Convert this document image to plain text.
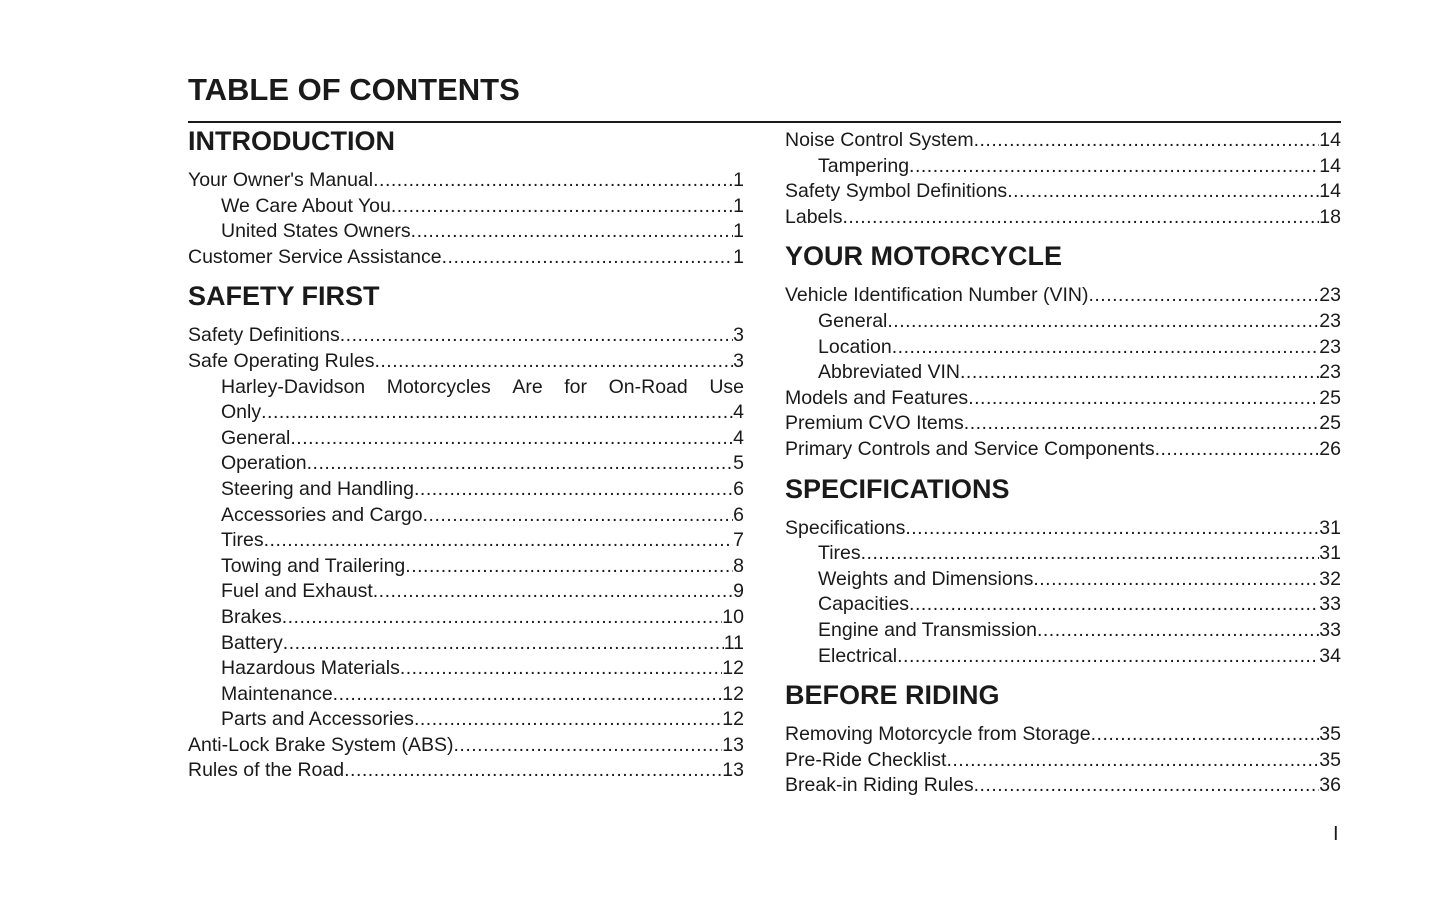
TABLE OF CONTENTS
INTRODUCTION
Your Owner's Manual .....	1
We Care About You .....	1
United States Owners .....	1
Customer Service Assistance .....	1
SAFETY FIRST
Safety Definitions .....	3
Safe Operating Rules .....	3
Harley-Davidson Motorcycles Are for On-Road Use
Only .....	4
General .....	4
Operation .....	5
Steering and Handling .....	6
Accessories and Cargo .....	6
Tires .....	7
Towing and Trailering .....	8
Fuel and Exhaust .....	9
Brakes .....	10
Battery .....	11
Hazardous Materials .....	12
Maintenance .....	12
Parts and Accessories .....	12
Anti-Lock Brake System (ABS) .....	13
Rules of the Road .....	13
Noise Control System .....	14
Tampering .....	14
Safety Symbol Definitions .....	14
Labels .....	18
YOUR MOTORCYCLE
Vehicle Identification Number (VIN) .....	23
General .....	23
Location .....	23
Abbreviated VIN .....	23
Models and Features .....	25
Premium CVO Items .....	25
Primary Controls and Service Components .....	26
SPECIFICATIONS
Specifications .....	31
Tires .....	31
Weights and Dimensions .....	32
Capacities .....	33
Engine and Transmission .....	33
Electrical .....	34
BEFORE RIDING
Removing Motorcycle from Storage .....	35
Pre-Ride Checklist .....	35
Break-in Riding Rules .....	36
I
